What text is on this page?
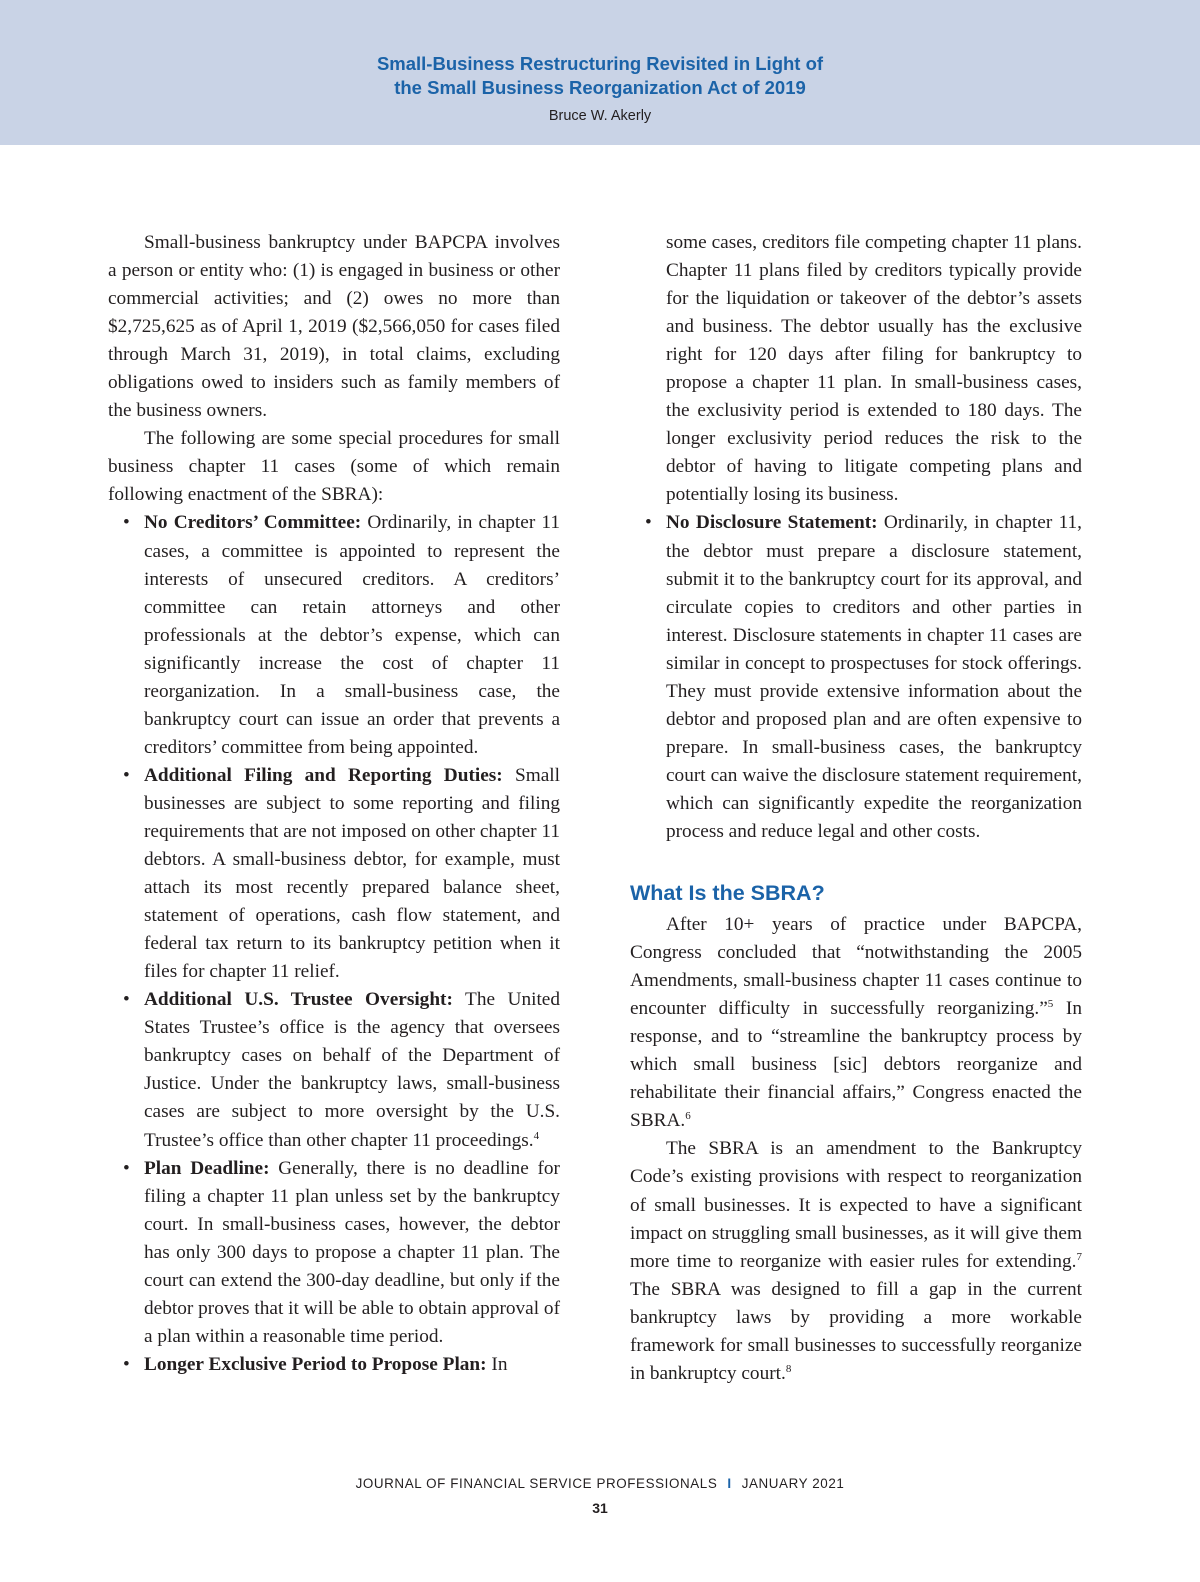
Small-Business Restructuring Revisited in Light of
the Small Business Reorganization Act of 2019
Bruce W. Akerly

Small-business bankruptcy under BAPCPA involves a person or entity who: (1) is engaged in business or other commercial activities; and (2) owes no more than $2,725,625 as of April 1, 2019 ($2,566,050 for cases filed through March 31, 2019), in total claims, excluding obligations owed to insiders such as family members of the business owners.

The following are some special procedures for small business chapter 11 cases (some of which remain following enactment of the SBRA):

• No Creditors’ Committee: Ordinarily, in chapter 11 cases, a committee is appointed to represent the interests of unsecured creditors. A creditors’ committee can retain attorneys and other professionals at the debtor’s expense, which can significantly increase the cost of chapter 11 reorganization. In a small-business case, the bankruptcy court can issue an order that prevents a creditors’ committee from being appointed.
• Additional Filing and Reporting Duties: Small businesses are subject to some reporting and filing requirements that are not imposed on other chapter 11 debtors. A small-business debtor, for example, must attach its most recently prepared balance sheet, statement of operations, cash flow statement, and federal tax return to its bankruptcy petition when it files for chapter 11 relief.
• Additional U.S. Trustee Oversight: The United States Trustee’s office is the agency that oversees bankruptcy cases on behalf of the Department of Justice. Under the bankruptcy laws, small-business cases are subject to more oversight by the U.S. Trustee’s office than other chapter 11 proceedings.$^4$
• Plan Deadline: Generally, there is no deadline for filing a chapter 11 plan unless set by the bankruptcy court. In small-business cases, however, the debtor has only 300 days to propose a chapter 11 plan. The court can extend the 300-day deadline, but only if the debtor proves that it will be able to obtain approval of a plan within a reasonable time period.
• Longer Exclusive Period to Propose Plan: In
some cases, creditors file competing chapter 11 plans. Chapter 11 plans filed by creditors typically provide for the liquidation or takeover of the debtor’s assets and business. The debtor usually has the exclusive right for 120 days after filing for bankruptcy to propose a chapter 11 plan. In small-business cases, the exclusivity period is extended to 180 days. The longer exclusivity period reduces the risk to the debtor of having to litigate competing plans and potentially losing its business.
• No Disclosure Statement: Ordinarily, in chapter 11, the debtor must prepare a disclosure statement, submit it to the bankruptcy court for its approval, and circulate copies to creditors and other parties in interest. Disclosure statements in chapter 11 cases are similar in concept to prospectuses for stock offerings. They must provide extensive information about the debtor and proposed plan and are often expensive to prepare. In small-business cases, the bankruptcy court can waive the disclosure statement requirement, which can significantly expedite the reorganization process and reduce legal and other costs.
What Is the SBRA?

After 10+ years of practice under BAPCPA, Congress concluded that “notwithstanding the 2005 Amendments, small-business chapter 11 cases continue to encounter difficulty in successfully reorganizing.”$^5$ In response, and to “streamline the bankruptcy process by which small business [sic] debtors reorganize and rehabilitate their financial affairs,” Congress enacted the SBRA.$^6$

The SBRA is an amendment to the Bankruptcy Code’s existing provisions with respect to reorganization of small businesses. It is expected to have a significant impact on struggling small businesses, as it will give them more time to reorganize with easier rules for extending.$^7$ The SBRA was designed to fill a gap in the current bankruptcy laws by providing a more workable framework for small businesses to successfully reorganize in bankruptcy court.$^8$

JOURNAL OF FINANCIAL SERVICE PROFESSIONALS I JANUARY 2021
31
